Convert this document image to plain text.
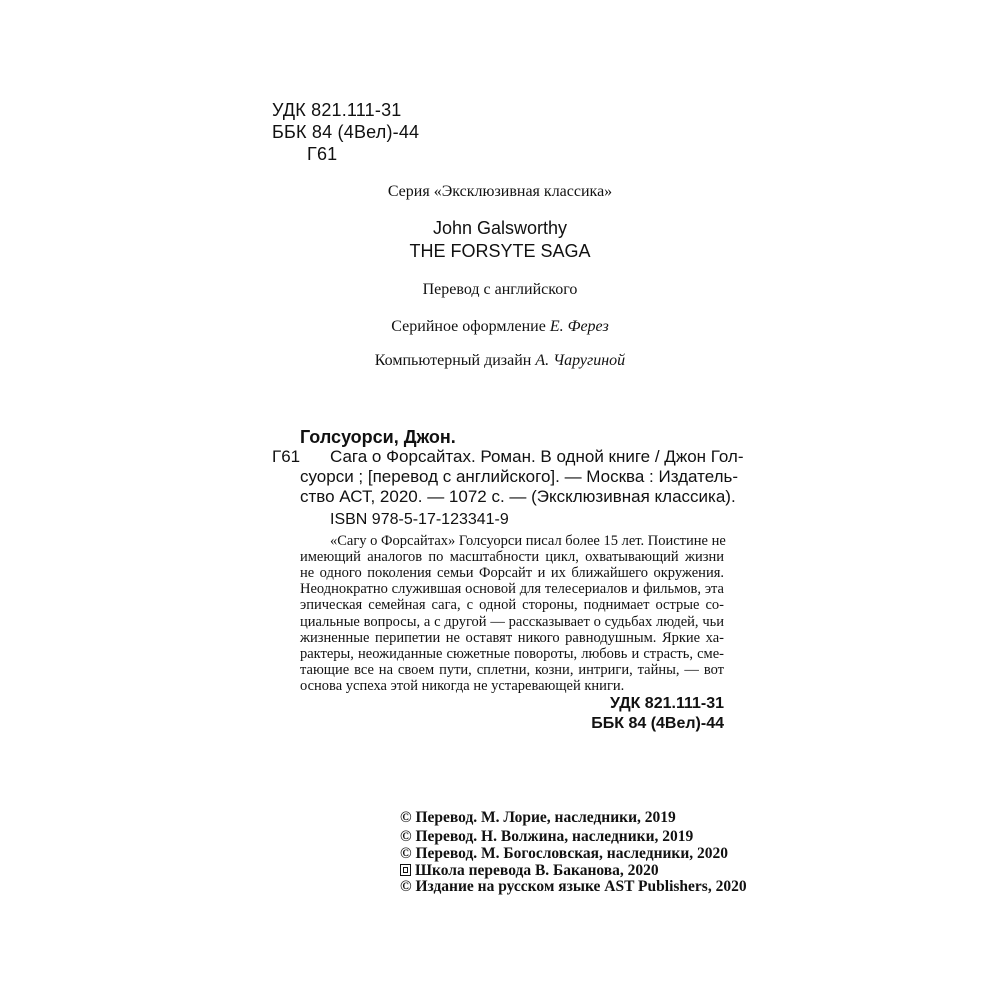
УДК 821.111-31
ББК 84 (4Вел)-44
Г61
Серия «Эксклюзивная классика»
John Galsworthy
THE FORSYTE SAGA
Перевод с английского
Серийное оформление Е. Ферез
Компьютерный дизайн А. Чаругиной
Голсуорси, Джон.
Г61 Сага о Форсайтах. Роман. В одной книге / Джон Гол-
суорси ; [перевод с английского]. — Москва : Издатель-
ство АСТ, 2020. — 1072 с. — (Эксклюзивная классика).
ISBN 978-5-17-123341-9
«Сагу о Форсайтах» Голсуорси писал более 15 лет. Поистине не
имеющий аналогов по масштабности цикл, охватывающий жизни
не одного поколения семьи Форсайт и их ближайшего окружения.
Неоднократно служившая основой для телесериалов и фильмов, эта
эпическая семейная сага, с одной стороны, поднимает острые со-
циальные вопросы, а с другой — рассказывает о судьбах людей, чьи
жизненные перипетии не оставят никого равнодушным. Яркие ха-
рактеры, неожиданные сюжетные повороты, любовь и страсть, сме-
тающие все на своем пути, сплетни, козни, интриги, тайны, — вот
основа успеха этой никогда не устаревающей книги.
УДК 821.111-31
ББК 84 (4Вел)-44
© Перевод. М. Лорие, наследники, 2019
© Перевод. Н. Волжина, наследники, 2019
© Перевод. М. Богословская, наследники, 2020
Школа перевода В. Баканова, 2020
© Издание на русском языке AST Publishers, 2020
